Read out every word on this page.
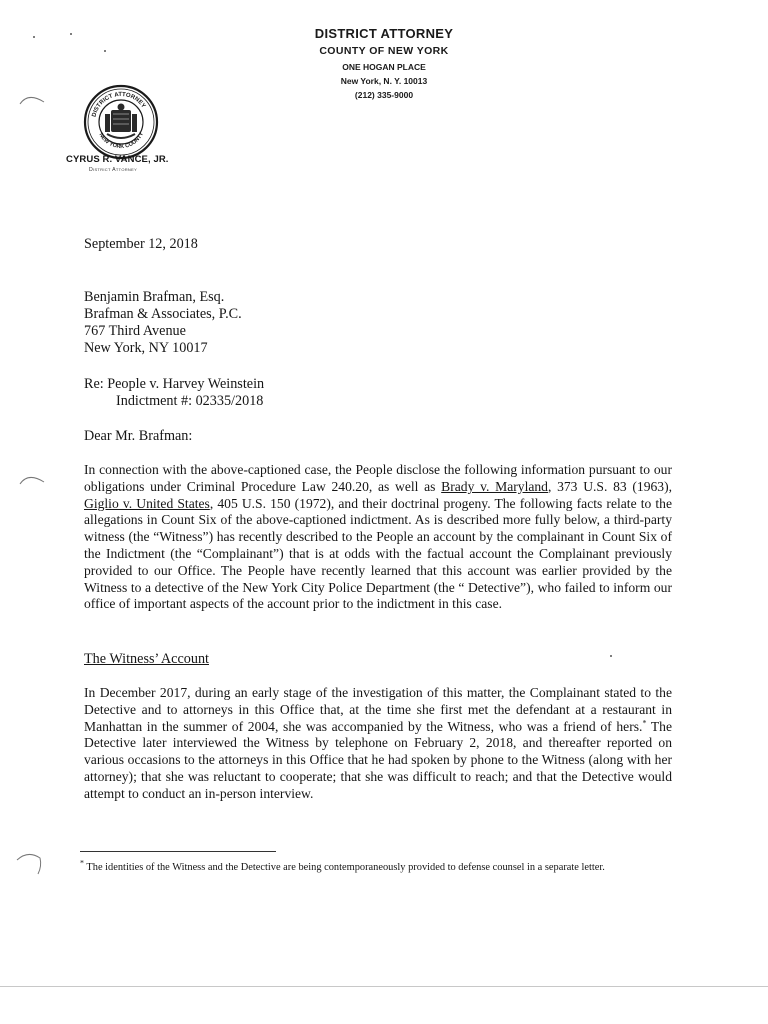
DISTRICT ATTORNEY
COUNTY OF NEW YORK
ONE HOGAN PLACE
New York, N. Y. 10013
(212) 335-9000
DISTRICT ATTORNEY
NEW YORK COUNTY
CYRUS R. VANCE, JR.
District Attorney
September 12, 2018
Benjamin Brafman, Esq.
Brafman & Associates, P.C.
767 Third Avenue
New York, NY 10017
Re: People v. Harvey Weinstein
Indictment #: 02335/2018
Dear Mr. Brafman:
In connection with the above-captioned case, the People disclose the following information pursuant to our obligations under Criminal Procedure Law 240.20, as well as Brady v. Maryland, 373 U.S. 83 (1963), Giglio v. United States, 405 U.S. 150 (1972), and their doctrinal progeny. The following facts relate to the allegations in Count Six of the above-captioned indictment. As is described more fully below, a third-party witness (the “Witness”) has recently described to the People an account by the complainant in Count Six of the Indictment (the “Complainant”) that is at odds with the factual account the Complainant previously provided to our Office. The People have recently learned that this account was earlier provided by the Witness to a detective of the New York City Police Department (the “ Detective”), who failed to inform our office of important aspects of the account prior to the indictment in this case.
The Witness’ Account
In December 2017, during an early stage of the investigation of this matter, the Complainant stated to the Detective and to attorneys in this Office that, at the time she first met the defendant at a restaurant in Manhattan in the summer of 2004, she was accompanied by the Witness, who was a friend of hers.* The Detective later interviewed the Witness by telephone on February 2, 2018, and thereafter reported on various occasions to the attorneys in this Office that he had spoken by phone to the Witness (along with her attorney); that she was reluctant to cooperate; that she was difficult to reach; and that the Detective would attempt to conduct an in-person interview.
* The identities of the Witness and the Detective are being contemporaneously provided to defense counsel in a separate letter.
